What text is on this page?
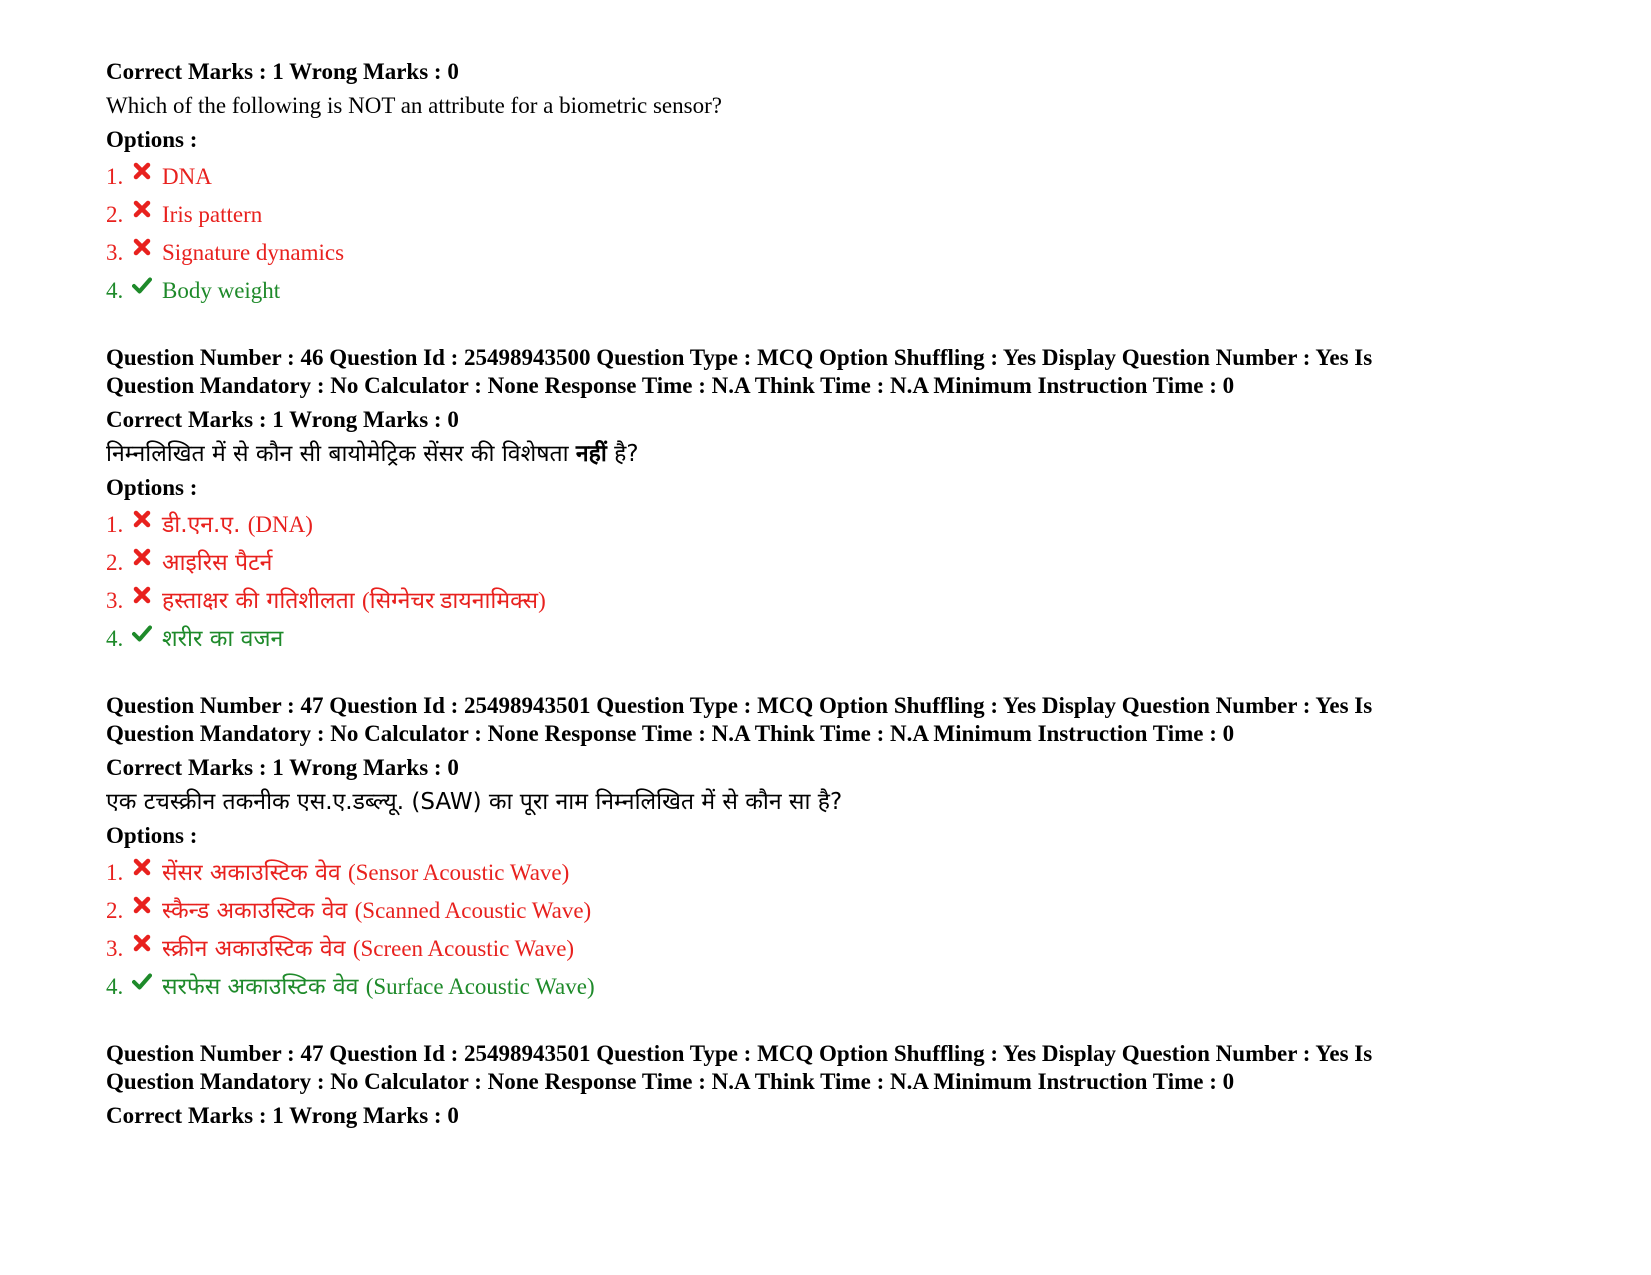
Correct Marks : 1 Wrong Marks : 0
Which of the following is NOT an attribute for a biometric sensor?
Options :
1.	DNA
2.	Iris pattern
3.	Signature dynamics
4.	Body weight
Question Number : 46 Question Id : 25498943500 Question Type : MCQ Option Shuffling : Yes Display Question Number : Yes Is
Question Mandatory : No Calculator : None Response Time : N.A Think Time : N.A Minimum Instruction Time : 0
Correct Marks : 1 Wrong Marks : 0
निम्नलिखित में से कौन सी बायोमेट्रिक सेंसर की विशेषता नहीं है?
Options :
1.	डी.एन.ए. (DNA)
2.	आइरिस पैटर्न
3.	हस्ताक्षर की गतिशीलता (सिग्नेचर डायनामिक्स)
4.	शरीर का वजन
Question Number : 47 Question Id : 25498943501 Question Type : MCQ Option Shuffling : Yes Display Question Number : Yes Is
Question Mandatory : No Calculator : None Response Time : N.A Think Time : N.A Minimum Instruction Time : 0
Correct Marks : 1 Wrong Marks : 0
एक टचस्क्रीन तकनीक एस.ए.डब्ल्यू. (SAW) का पूरा नाम निम्नलिखित में से कौन सा है?
Options :
1.	सेंसर अकाउस्टिक वेव (Sensor Acoustic Wave)
2.	स्कैन्ड अकाउस्टिक वेव (Scanned Acoustic Wave)
3.	स्क्रीन अकाउस्टिक वेव (Screen Acoustic Wave)
4.	सरफेस अकाउस्टिक वेव (Surface Acoustic Wave)
Question Number : 47 Question Id : 25498943501 Question Type : MCQ Option Shuffling : Yes Display Question Number : Yes Is
Question Mandatory : No Calculator : None Response Time : N.A Think Time : N.A Minimum Instruction Time : 0
Correct Marks : 1 Wrong Marks : 0
